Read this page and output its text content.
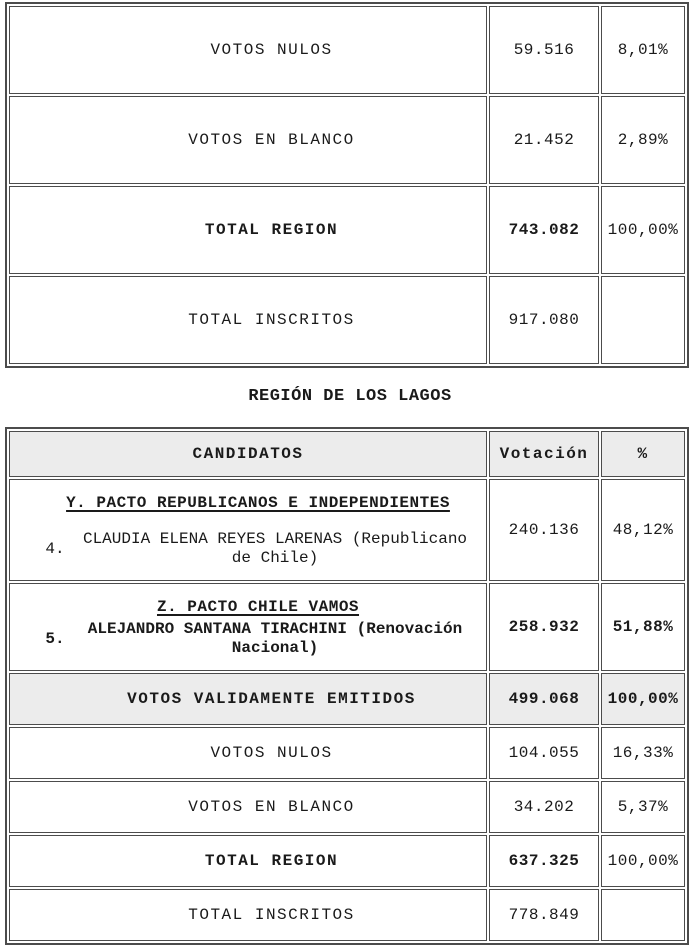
VOTOS NULOS	59.516	8,01%
VOTOS EN BLANCO	21.452	2,89%
TOTAL REGION	743.082	100,00%
TOTAL INSCRITOS	917.080	
REGIÓN DE LOS LAGOS
CANDIDATOS	Votación	%

Y. PACTO REPUBLICANOS E INDEPENDIENTES
4.
CLAUDIA ELENA REYES LARENAS (Republicano de Chile)	240.136	48,12%

Z. PACTO CHILE VAMOS
5.
ALEJANDRO SANTANA TIRACHINI (Renovación Nacional)	258.932	51,88%
VOTOS VALIDAMENTE EMITIDOS	499.068	100,00%
VOTOS NULOS	104.055	16,33%
VOTOS EN BLANCO	34.202	5,37%
TOTAL REGION	637.325	100,00%
TOTAL INSCRITOS	778.849	
